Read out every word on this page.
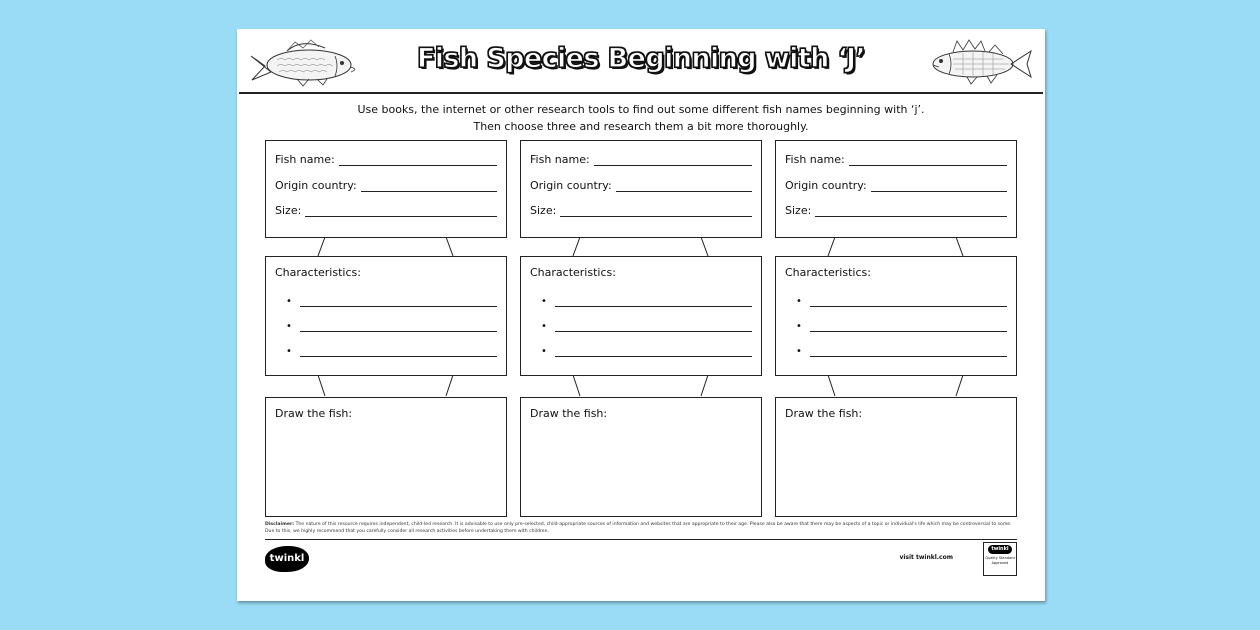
Fish Species Beginning with ‘J’
Use books, the internet or other research tools to find out some different fish names beginning with ‘j’.
Then choose three and research them a bit more thoroughly.
Fish name:
Origin country:
Size:
Characteristics:
•
•
•
Draw the fish:
Fish name:
Origin country:
Size:
Characteristics:
•
•
•
Draw the fish:
Fish name:
Origin country:
Size:
Characteristics:
•
•
•
Draw the fish:
Disclaimer: The nature of this resource requires independent, child-led research. It is advisable to use only pre-selected, child-appropriate sources of information and websites that are appropriate to their age. Please also be aware that there may be aspects of a topic or individual's life which may be controversial to some. Due to this, we highly recommend that you carefully consider all research activities before undertaking them with children.
twinkl	visit twinkl.com
twinkl
Quality Standard Approved
